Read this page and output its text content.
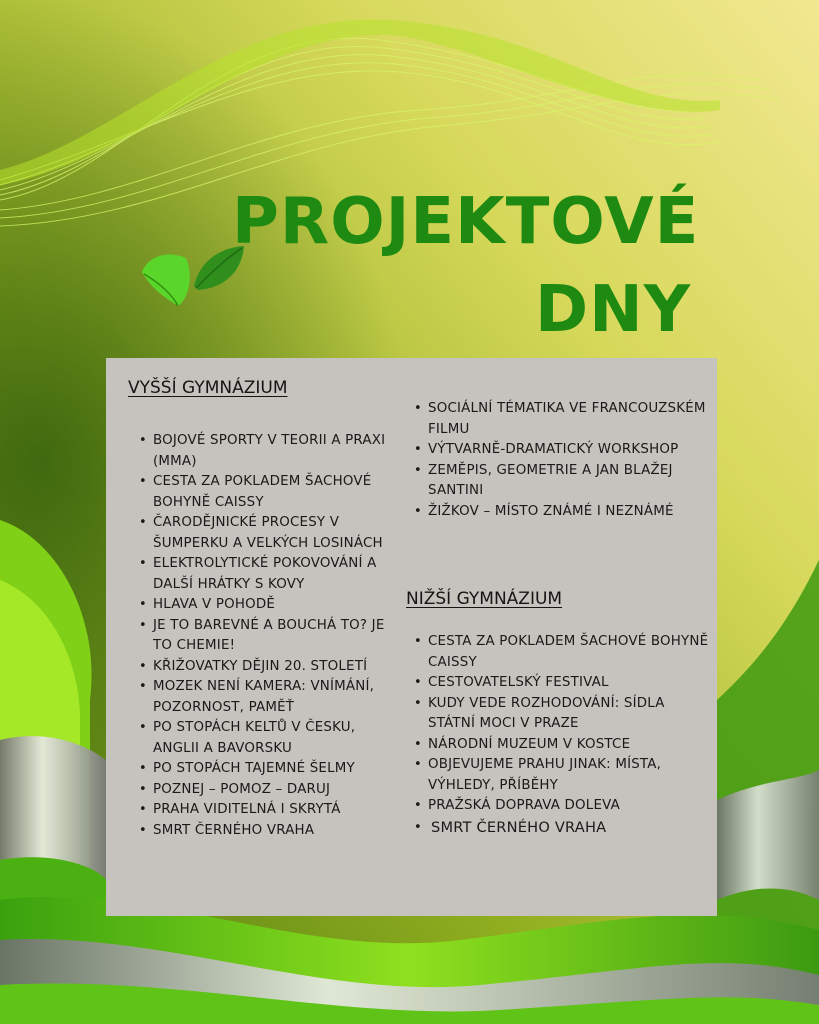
PROJEKTOVÉ
DNY
VYŠŠÍ GYMNÁZIUM
• BOJOVÉ SPORTY V TEORII A PRAXI (MMA)
• CESTA ZA POKLADEM ŠACHOVÉ BOHYNĚ CAISSY
• ČARODĚJNICKÉ PROCESY V ŠUMPERKU A VELKÝCH LOSINÁCH
• ELEKTROLYTICKÉ POKOVOVÁNÍ A DALŠÍ HRÁTKY S KOVY
• HLAVA V POHODĚ
• JE TO BAREVNÉ A BOUCHÁ TO? JE TO CHEMIE!
• KŘIŽOVATKY DĚJIN 20. STOLETÍ
• MOZEK NENÍ KAMERA: VNÍMÁNÍ, POZORNOST, PAMĚŤ
• PO STOPÁCH KELTŮ V ČESKU, ANGLII A BAVORSKU
• PO STOPÁCH TAJEMNÉ ŠELMY
• POZNEJ – POMOZ – DARUJ
• PRAHA VIDITELNÁ I SKRYTÁ
• SMRT ČERNÉHO VRAHA
• SOCIÁLNÍ TÉMATIKA VE FRANCOUZSKÉM FILMU
• VÝTVARNĚ-DRAMATICKÝ WORKSHOP
• ZEMĚPIS, GEOMETRIE A JAN BLAŽEJ SANTINI
• ŽIŽKOV – MÍSTO ZNÁMÉ I NEZNÁMÉ
NIŽŠÍ GYMNÁZIUM
• CESTA ZA POKLADEM ŠACHOVÉ BOHYNĚ CAISSY
• CESTOVATELSKÝ FESTIVAL
• KUDY VEDE ROZHODOVÁNÍ: SÍDLA STÁTNÍ MOCI V PRAZE
• NÁRODNÍ MUZEUM V KOSTCE
• OBJEVUJEME PRAHU JINAK: MÍSTA, VÝHLEDY, PŘÍBĚHY
• PRAŽSKÁ DOPRAVA DOLEVA
• SMRT ČERNÉHO VRAHA
